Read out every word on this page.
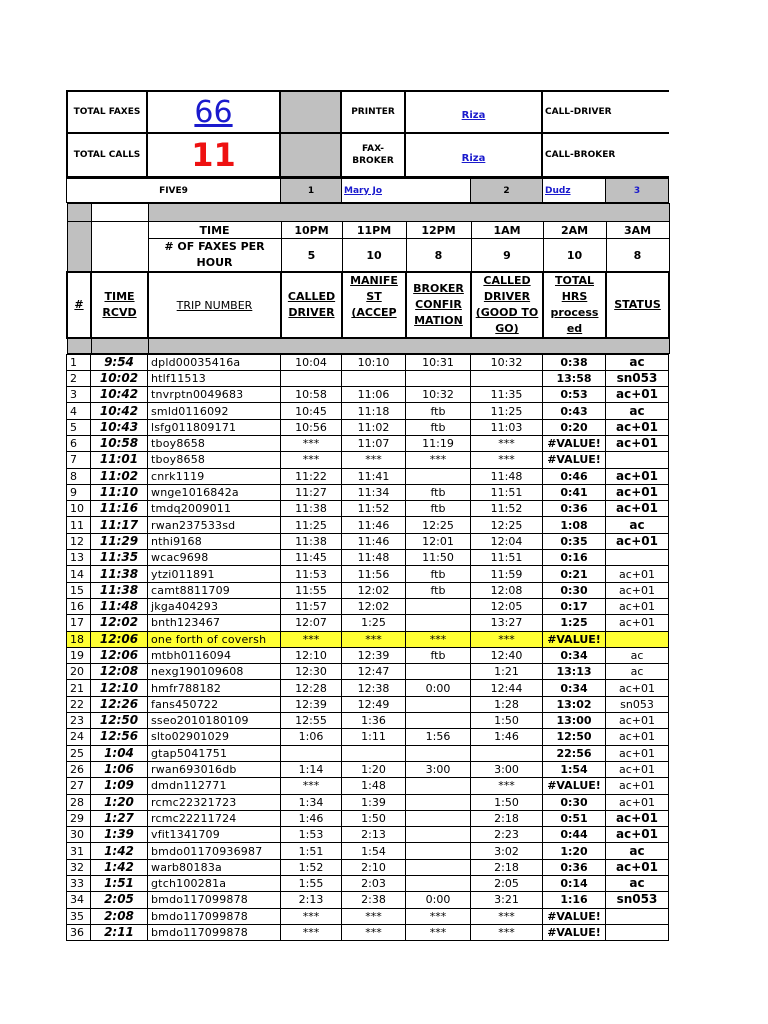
TOTAL FAXES	66		PRINTER	Riza	CALL-DRIVER
TOTAL CALLS	11		FAX-BROKER	Riza	CALL-BROKER
FIVE9	1	Mary Jo	2	Dudz	3

		TIME	10PM	11PM	12PM	1AM	2AM	3AM
		# OF FAXES PER HOUR	5	10	8	9	10	8
#	TIME RCVD	TRIP NUMBER	CALLED DRIVER	MANIFE ST (ACCEP	BROKER CONFIR MATION	CALLED DRIVER (GOOD TO GO)	TOTAL HRS process ed	STATUS

1	9:54	dpld00035416a	10:04	10:10	10:31	10:32	0:38	ac
2	10:02	htlf11513					13:58	sn053
3	10:42	tnvrptn0049683	10:58	11:06	10:32	11:35	0:53	ac+01
4	10:42	smld0116092	10:45	11:18	ftb	11:25	0:43	ac
5	10:43	lsfg011809171	10:56	11:02	ftb	11:03	0:20	ac+01
6	10:58	tboy8658	***	11:07	11:19	***	#VALUE!	ac+01
7	11:01	tboy8658	***	***	***	***	#VALUE!	
8	11:02	cnrk1119	11:22	11:41		11:48	0:46	ac+01
9	11:10	wnge1016842a	11:27	11:34	ftb	11:51	0:41	ac+01
10	11:16	tmdq2009011	11:38	11:52	ftb	11:52	0:36	ac+01
11	11:17	rwan237533sd	11:25	11:46	12:25	12:25	1:08	ac
12	11:29	nthi9168	11:38	11:46	12:01	12:04	0:35	ac+01
13	11:35	wcac9698	11:45	11:48	11:50	11:51	0:16	
14	11:38	ytzi011891	11:53	11:56	ftb	11:59	0:21	ac+01
15	11:38	camt8811709	11:55	12:02	ftb	12:08	0:30	ac+01
16	11:48	jkga404293	11:57	12:02		12:05	0:17	ac+01
17	12:02	bnth123467	12:07	1:25		13:27	1:25	ac+01
18	12:06	one forth of coversh	***	***	***	***	#VALUE!	
19	12:06	mtbh0116094	12:10	12:39	ftb	12:40	0:34	ac
20	12:08	nexg190109608	12:30	12:47		1:21	13:13	ac
21	12:10	hmfr788182	12:28	12:38	0:00	12:44	0:34	ac+01
22	12:26	fans450722	12:39	12:49		1:28	13:02	sn053
23	12:50	sseo2010180109	12:55	1:36		1:50	13:00	ac+01
24	12:56	slto02901029	1:06	1:11	1:56	1:46	12:50	ac+01
25	1:04	gtap5041751					22:56	ac+01
26	1:06	rwan693016db	1:14	1:20	3:00	3:00	1:54	ac+01
27	1:09	dmdn112771	***	1:48		***	#VALUE!	ac+01
28	1:20	rcmc22321723	1:34	1:39		1:50	0:30	ac+01
29	1:27	rcmc22211724	1:46	1:50		2:18	0:51	ac+01
30	1:39	vfit1341709	1:53	2:13		2:23	0:44	ac+01
31	1:42	bmdo01170936987	1:51	1:54		3:02	1:20	ac
32	1:42	warb80183a	1:52	2:10		2:18	0:36	ac+01
33	1:51	gtch100281a	1:55	2:03		2:05	0:14	ac
34	2:05	bmdo117099878	2:13	2:38	0:00	3:21	1:16	sn053
35	2:08	bmdo117099878	***	***	***	***	#VALUE!	
36	2:11	bmdo117099878	***	***	***	***	#VALUE!	
